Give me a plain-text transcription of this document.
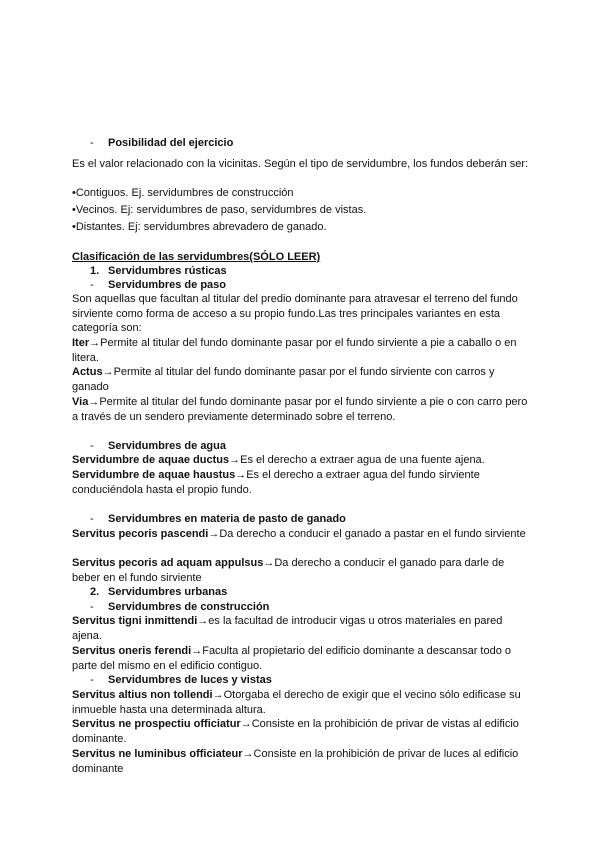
- Posibilidad del ejercicio
Es el valor relacionado con la vicinitas. Según el tipo de servidumbre, los fundos deberán ser:
•Contiguos. Ej. servidumbres de construcción
•Vecinos. Ej: servidumbres de paso, servidumbres de vistas.
•Distantes. Ej: servidumbres abrevadero de ganado.
Clasificación de las servidumbres(SÓLO LEER)
1. Servidumbres rústicas
- Servidumbres de paso
Son aquellas que facultan al titular del predio dominante para atravesar el terreno del fundo sirviente como forma de acceso a su propio fundo.Las tres principales variantes en esta categoría son:
Iter→Permite al titular del fundo dominante pasar por el fundo sirviente a pie a caballo o en litera.
Actus→Permite al titular del fundo dominante pasar por el fundo sirviente con carros y ganado
Via→Permite al titular del fundo dominante pasar por el fundo sirviente a pie o con carro pero a través de un sendero previamente determinado sobre el terreno.
- Servidumbres de agua
Servidumbre de aquae ductus→Es el derecho a extraer agua de una fuente ajena.
Servidumbre de aquae haustus→Es el derecho a extraer agua del fundo sirviente conduciéndola hasta el propio fundo.
- Servidumbres en materia de pasto de ganado
Servitus pecoris pascendi→Da derecho a conducir el ganado a pastar en el fundo sirviente
Servitus pecoris ad aquam appulsus→Da derecho a conducir el ganado para darle de beber en el fundo sirviente
2. Servidumbres urbanas
- Servidumbres de construcción
Servitus tigni inmittendi→es la facultad de introducir vigas u otros materiales en pared ajena.
Servitus oneris ferendi→Faculta al propietario del edificio dominante a descansar todo o parte del mismo en el edificio contiguo.
- Servidumbres de luces y vistas
Servitus altius non tollendi→Otorgaba el derecho de exigir que el vecino sólo edificase su inmueble hasta una determinada altura.
Servitus ne prospectiu officiatur→Consiste en la prohibición de privar de vistas al edificio dominante.
Servitus ne luminibus officiateur→Consiste en la prohibición de privar de luces al edificio dominante
